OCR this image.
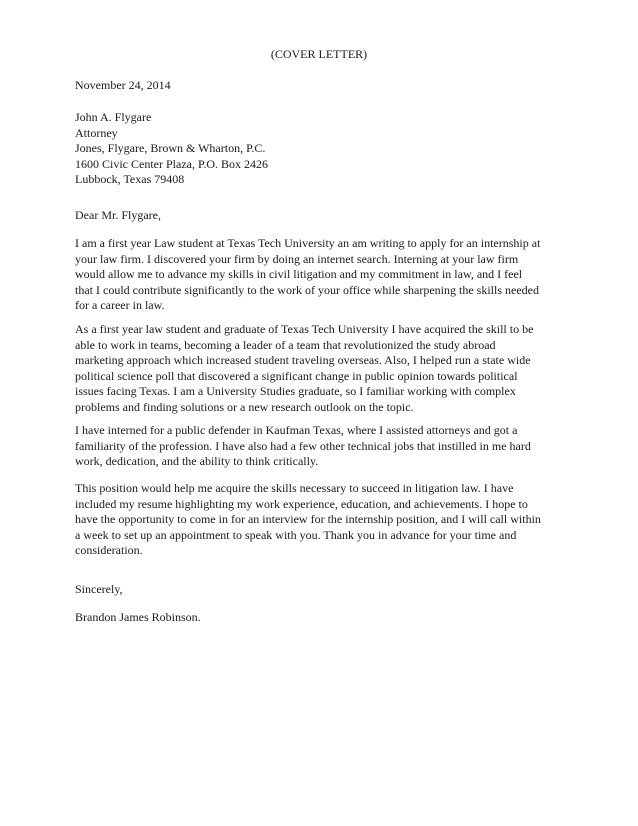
(COVER LETTER)
November 24, 2014
John A. Flygare
Attorney
Jones, Flygare, Brown & Wharton, P.C.
1600 Civic Center Plaza, P.O. Box 2426
Lubbock, Texas 79408
Dear Mr. Flygare,
I am a first year Law student at Texas Tech University an am writing to apply for an internship at
your law firm. I discovered your firm by doing an internet search. Interning at your law firm
would allow me to advance my skills in civil litigation and my commitment in law, and I feel
that I could contribute significantly to the work of your office while sharpening the skills needed
for a career in law.
As a first year law student and graduate of Texas Tech University I have acquired the skill to be
able to work in teams, becoming a leader of a team that revolutionized the study abroad
marketing approach which increased student traveling overseas. Also, I helped run a state wide
political science poll that discovered a significant change in public opinion towards political
issues facing Texas. I am a University Studies graduate, so I familiar working with complex
problems and finding solutions or a new research outlook on the topic.
I have interned for a public defender in Kaufman Texas, where I assisted attorneys and got a
familiarity of the profession. I have also had a few other technical jobs that instilled in me hard
work, dedication, and the ability to think critically.
This position would help me acquire the skills necessary to succeed in litigation law. I have
included my resume highlighting my work experience, education, and achievements. I hope to
have the opportunity to come in for an interview for the internship position, and I will call within
a week to set up an appointment to speak with you. Thank you in advance for your time and
consideration.
Sincerely,
Brandon James Robinson.
